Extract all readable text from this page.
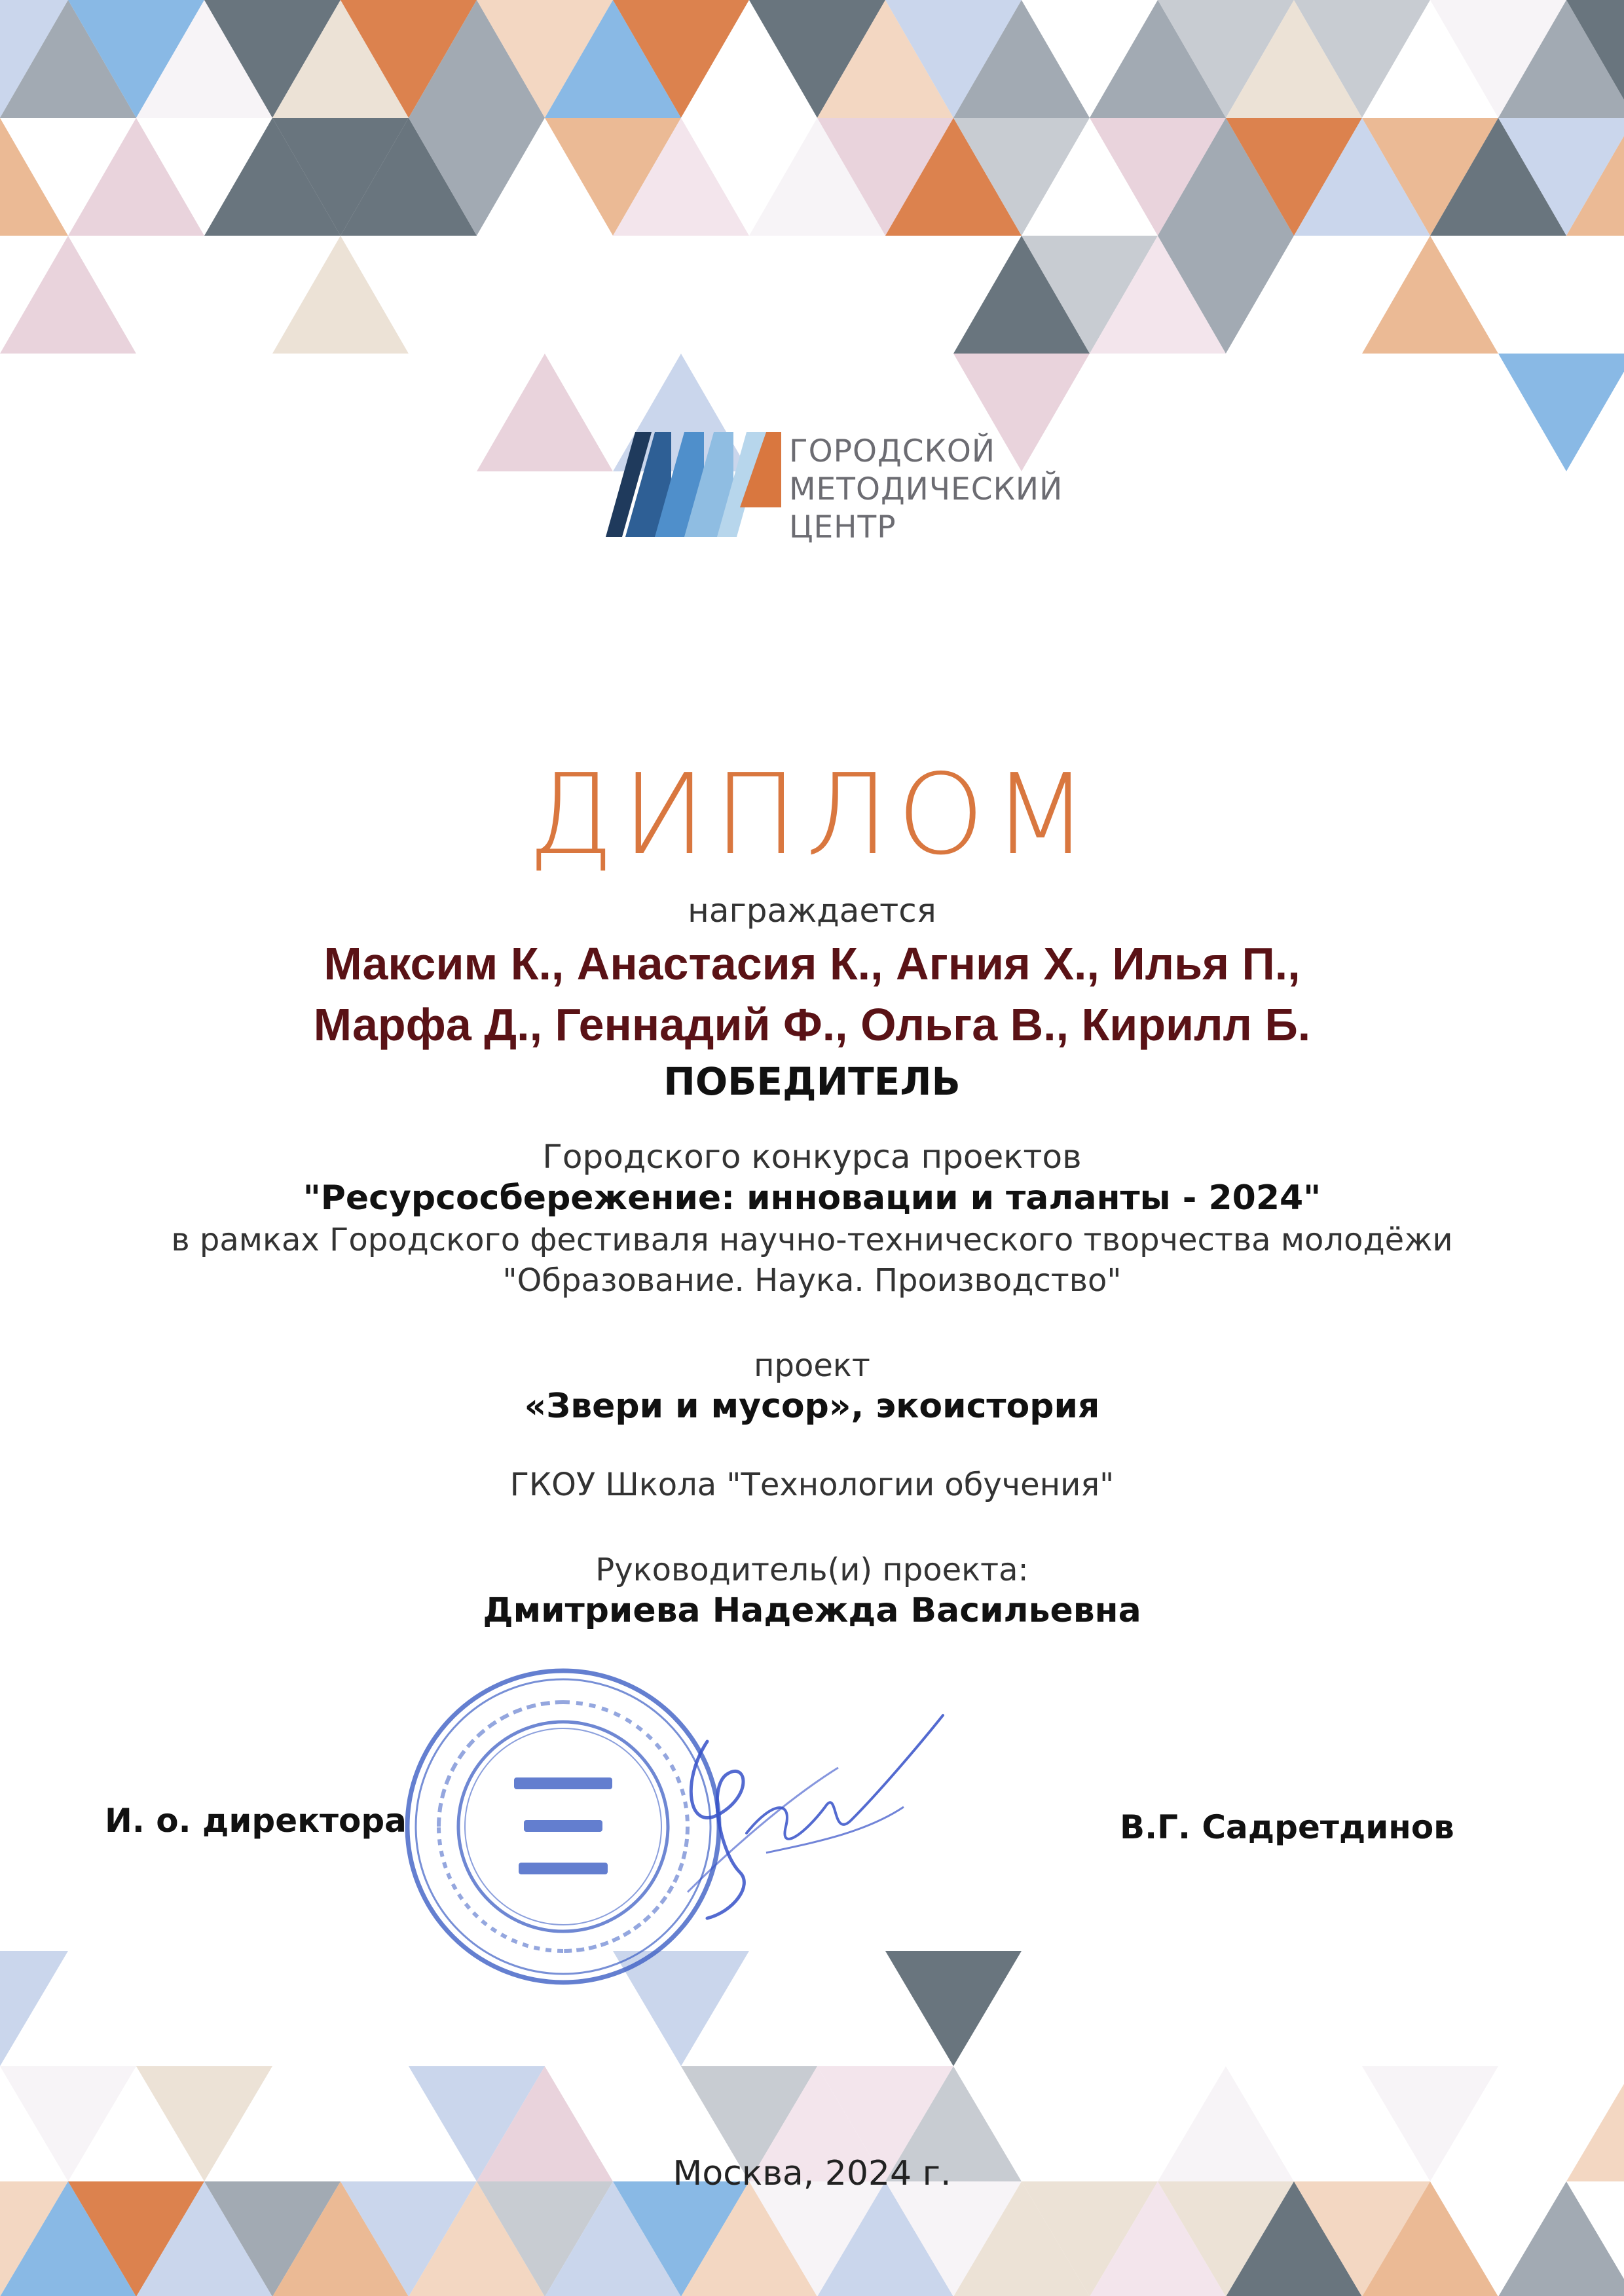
ГОРОДСКОЙ
МЕТОДИЧЕСКИЙ
ЦЕНТР
ДИПЛОМ
награждается
Максим К., Анастасия К., Агния Х., Илья П.,
Марфа Д., Геннадий Ф., Ольга В., Кирилл Б.
ПОБЕДИТЕЛЬ
Городского конкурса проектов
"Ресурсосбережение: инновации и таланты - 2024"
в рамках Городского фестиваля научно-технического творчества молодёжи
"Образование. Наука. Производство"
проект
«Звери и мусор», экоистория
ГКОУ Школа "Технологии обучения"
Руководитель(и) проекта:
Дмитриева Надежда Васильевна
И. о. директора	В.Г. Садретдинов
Москва, 2024 г.
